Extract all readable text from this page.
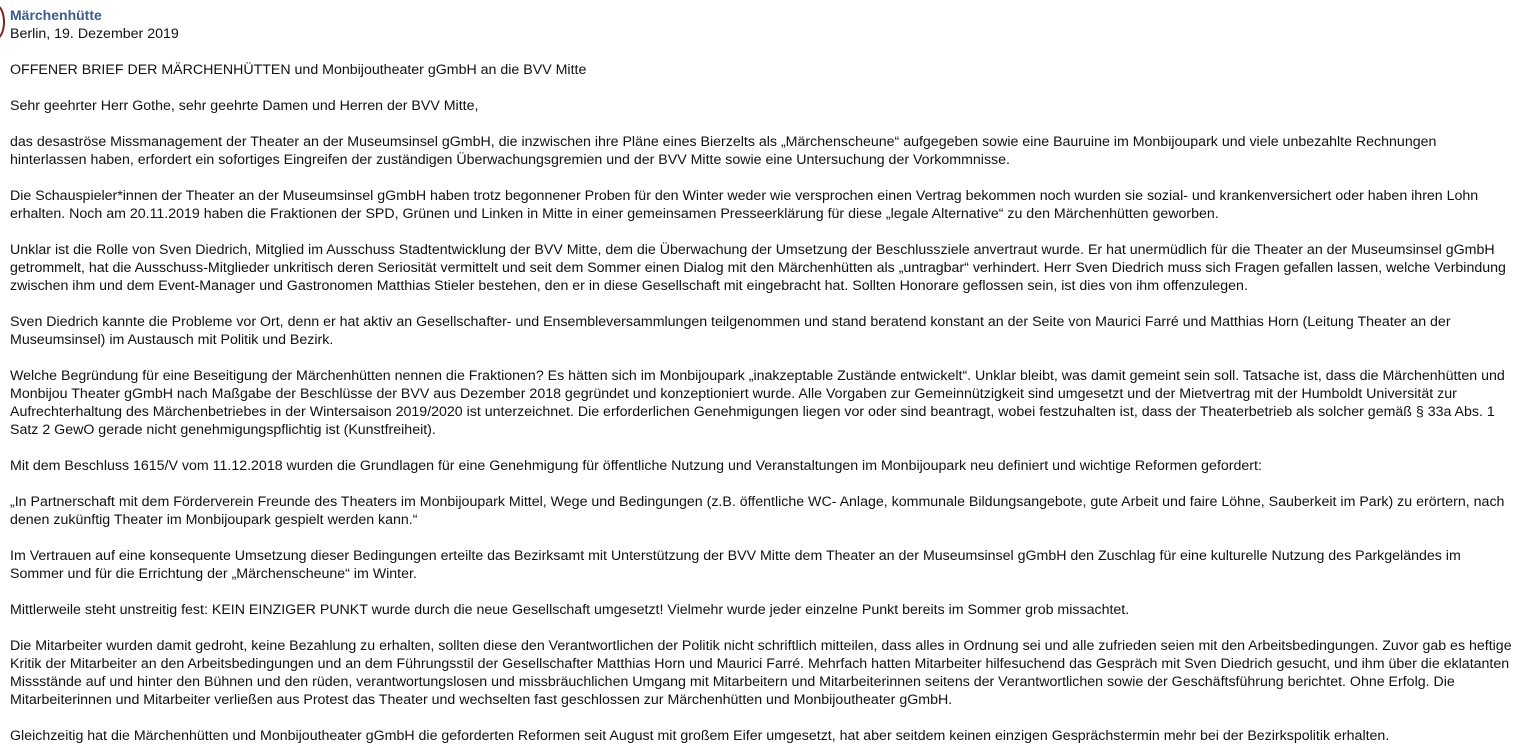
Märchenhütte
Berlin, 19. Dezember 2019
OFFENER BRIEF DER MÄRCHENHÜTTEN und Monbijoutheater gGmbH an die BVV Mitte
Sehr geehrter Herr Gothe, sehr geehrte Damen und Herren der BVV Mitte,
das desaströse Missmanagement der Theater an der Museumsinsel gGmbH, die inzwischen ihre Pläne eines Bierzelts als „Märchenscheune“ aufgegeben sowie eine Bauruine im Monbijoupark und viele unbezahlte Rechnungen
hinterlassen haben, erfordert ein sofortiges Eingreifen der zuständigen Überwachungsgremien und der BVV Mitte sowie eine Untersuchung der Vorkommnisse.
Die Schauspieler*innen der Theater an der Museumsinsel gGmbH haben trotz begonnener Proben für den Winter weder wie versprochen einen Vertrag bekommen noch wurden sie sozial- und krankenversichert oder haben ihren Lohn
erhalten. Noch am 20.11.2019 haben die Fraktionen der SPD, Grünen und Linken in Mitte in einer gemeinsamen Presseerklärung für diese „legale Alternative“ zu den Märchenhütten geworben.
Unklar ist die Rolle von Sven Diedrich, Mitglied im Ausschuss Stadtentwicklung der BVV Mitte, dem die Überwachung der Umsetzung der Beschlussziele anvertraut wurde. Er hat unermüdlich für die Theater an der Museumsinsel gGmbH
getrommelt, hat die Ausschuss-Mitglieder unkritisch deren Seriosität vermittelt und seit dem Sommer einen Dialog mit den Märchenhütten als „untragbar“ verhindert. Herr Sven Diedrich muss sich Fragen gefallen lassen, welche Verbindung
zwischen ihm und dem Event-Manager und Gastronomen Matthias Stieler bestehen, den er in diese Gesellschaft mit eingebracht hat. Sollten Honorare geflossen sein, ist dies von ihm offenzulegen.
Sven Diedrich kannte die Probleme vor Ort, denn er hat aktiv an Gesellschafter- und Ensembleversammlungen teilgenommen und stand beratend konstant an der Seite von Maurici Farré und Matthias Horn (Leitung Theater an der
Museumsinsel) im Austausch mit Politik und Bezirk.
Welche Begründung für eine Beseitigung der Märchenhütten nennen die Fraktionen? Es hätten sich im Monbijoupark „inakzeptable Zustände entwickelt“. Unklar bleibt, was damit gemeint sein soll. Tatsache ist, dass die Märchenhütten und
Monbijou Theater gGmbH nach Maßgabe der Beschlüsse der BVV aus Dezember 2018 gegründet und konzeptioniert wurde. Alle Vorgaben zur Gemeinnützigkeit sind umgesetzt und der Mietvertrag mit der Humboldt Universität zur
Aufrechterhaltung des Märchenbetriebes in der Wintersaison 2019/2020 ist unterzeichnet. Die erforderlichen Genehmigungen liegen vor oder sind beantragt, wobei festzuhalten ist, dass der Theaterbetrieb als solcher gemäß § 33a Abs. 1
Satz 2 GewO gerade nicht genehmigungspflichtig ist (Kunstfreiheit).
Mit dem Beschluss 1615/V vom 11.12.2018 wurden die Grundlagen für eine Genehmigung für öffentliche Nutzung und Veranstaltungen im Monbijoupark neu definiert und wichtige Reformen gefordert:
„In Partnerschaft mit dem Förderverein Freunde des Theaters im Monbijoupark Mittel, Wege und Bedingungen (z.B. öffentliche WC- Anlage, kommunale Bildungsangebote, gute Arbeit und faire Löhne, Sauberkeit im Park) zu erörtern, nach
denen zukünftig Theater im Monbijoupark gespielt werden kann.“
Im Vertrauen auf eine konsequente Umsetzung dieser Bedingungen erteilte das Bezirksamt mit Unterstützung der BVV Mitte dem Theater an der Museumsinsel gGmbH den Zuschlag für eine kulturelle Nutzung des Parkgeländes im
Sommer und für die Errichtung der „Märchenscheune“ im Winter.
Mittlerweile steht unstreitig fest: KEIN EINZIGER PUNKT wurde durch die neue Gesellschaft umgesetzt! Vielmehr wurde jeder einzelne Punkt bereits im Sommer grob missachtet.
Die Mitarbeiter wurden damit gedroht, keine Bezahlung zu erhalten, sollten diese den Verantwortlichen der Politik nicht schriftlich mitteilen, dass alles in Ordnung sei und alle zufrieden seien mit den Arbeitsbedingungen. Zuvor gab es heftige
Kritik der Mitarbeiter an den Arbeitsbedingungen und an dem Führungsstil der Gesellschafter Matthias Horn und Maurici Farré. Mehrfach hatten Mitarbeiter hilfesuchend das Gespräch mit Sven Diedrich gesucht, und ihm über die eklatanten
Missstände auf und hinter den Bühnen und den rüden, verantwortungslosen und missbräuchlichen Umgang mit Mitarbeitern und Mitarbeiterinnen seitens der Verantwortlichen sowie der Geschäftsführung berichtet. Ohne Erfolg. Die
Mitarbeiterinnen und Mitarbeiter verließen aus Protest das Theater und wechselten fast geschlossen zur Märchenhütten und Monbijoutheater gGmbH.
Gleichzeitig hat die Märchenhütten und Monbijoutheater gGmbH die geforderten Reformen seit August mit großem Eifer umgesetzt, hat aber seitdem keinen einzigen Gesprächstermin mehr bei der Bezirkspolitik erhalten.
